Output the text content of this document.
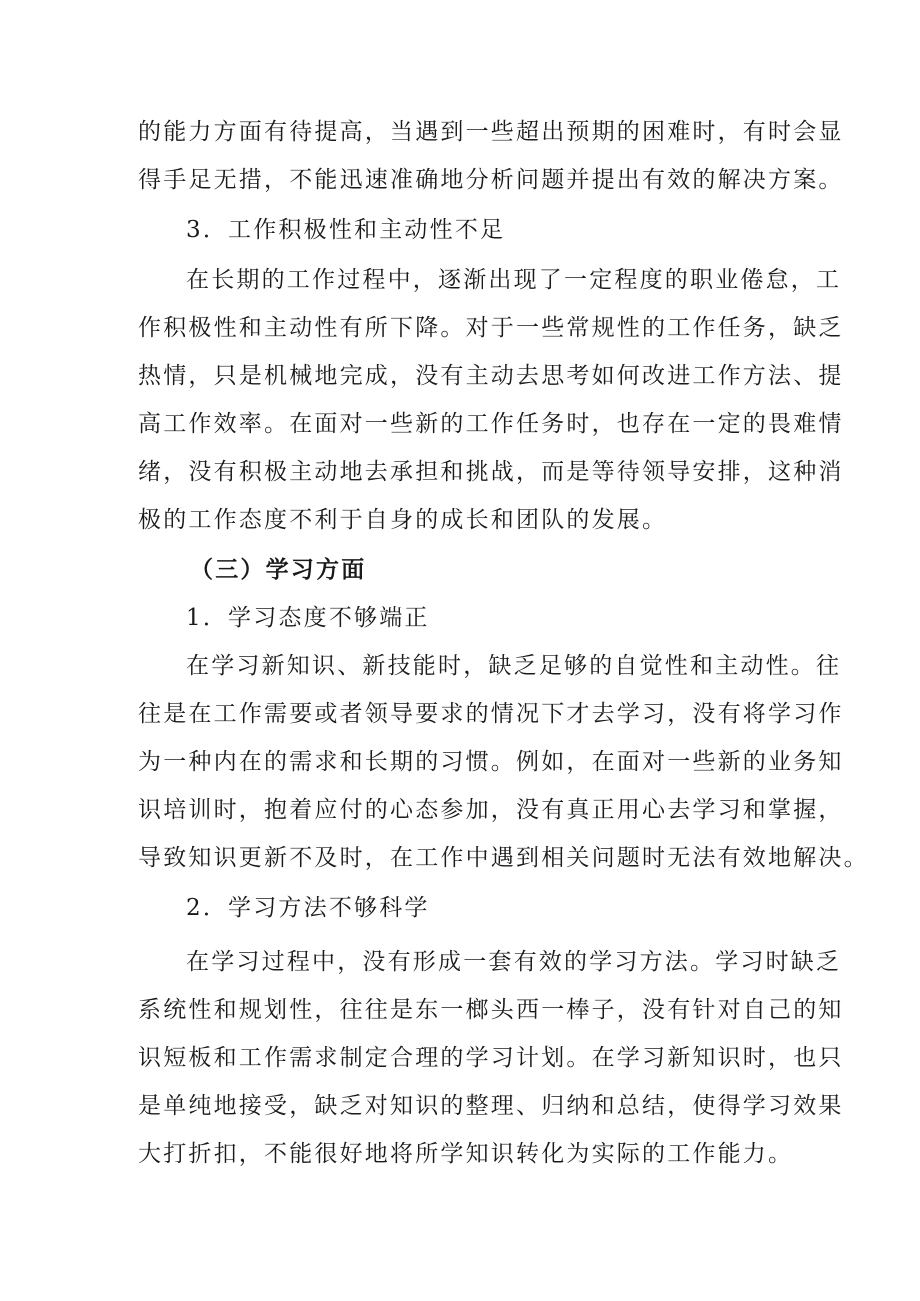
的能力方面有待提高，当遇到一些超出预期的困难时，有时会显
得手足无措，不能迅速准确地分析问题并提出有效的解决方案。
3．工作积极性和主动性不足
在长期的工作过程中，逐渐出现了一定程度的职业倦怠，工
作积极性和主动性有所下降。对于一些常规性的工作任务，缺乏
热情，只是机械地完成，没有主动去思考如何改进工作方法、提
高工作效率。在面对一些新的工作任务时，也存在一定的畏难情
绪，没有积极主动地去承担和挑战，而是等待领导安排，这种消
极的工作态度不利于自身的成长和团队的发展。
（三）学习方面
1．学习态度不够端正
在学习新知识、新技能时，缺乏足够的自觉性和主动性。往
往是在工作需要或者领导要求的情况下才去学习，没有将学习作
为一种内在的需求和长期的习惯。例如，在面对一些新的业务知
识培训时，抱着应付的心态参加，没有真正用心去学习和掌握，
导致知识更新不及时，在工作中遇到相关问题时无法有效地解决。
2．学习方法不够科学
在学习过程中，没有形成一套有效的学习方法。学习时缺乏
系统性和规划性，往往是东一榔头西一棒子，没有针对自己的知
识短板和工作需求制定合理的学习计划。在学习新知识时，也只
是单纯地接受，缺乏对知识的整理、归纳和总结，使得学习效果
大打折扣，不能很好地将所学知识转化为实际的工作能力。
